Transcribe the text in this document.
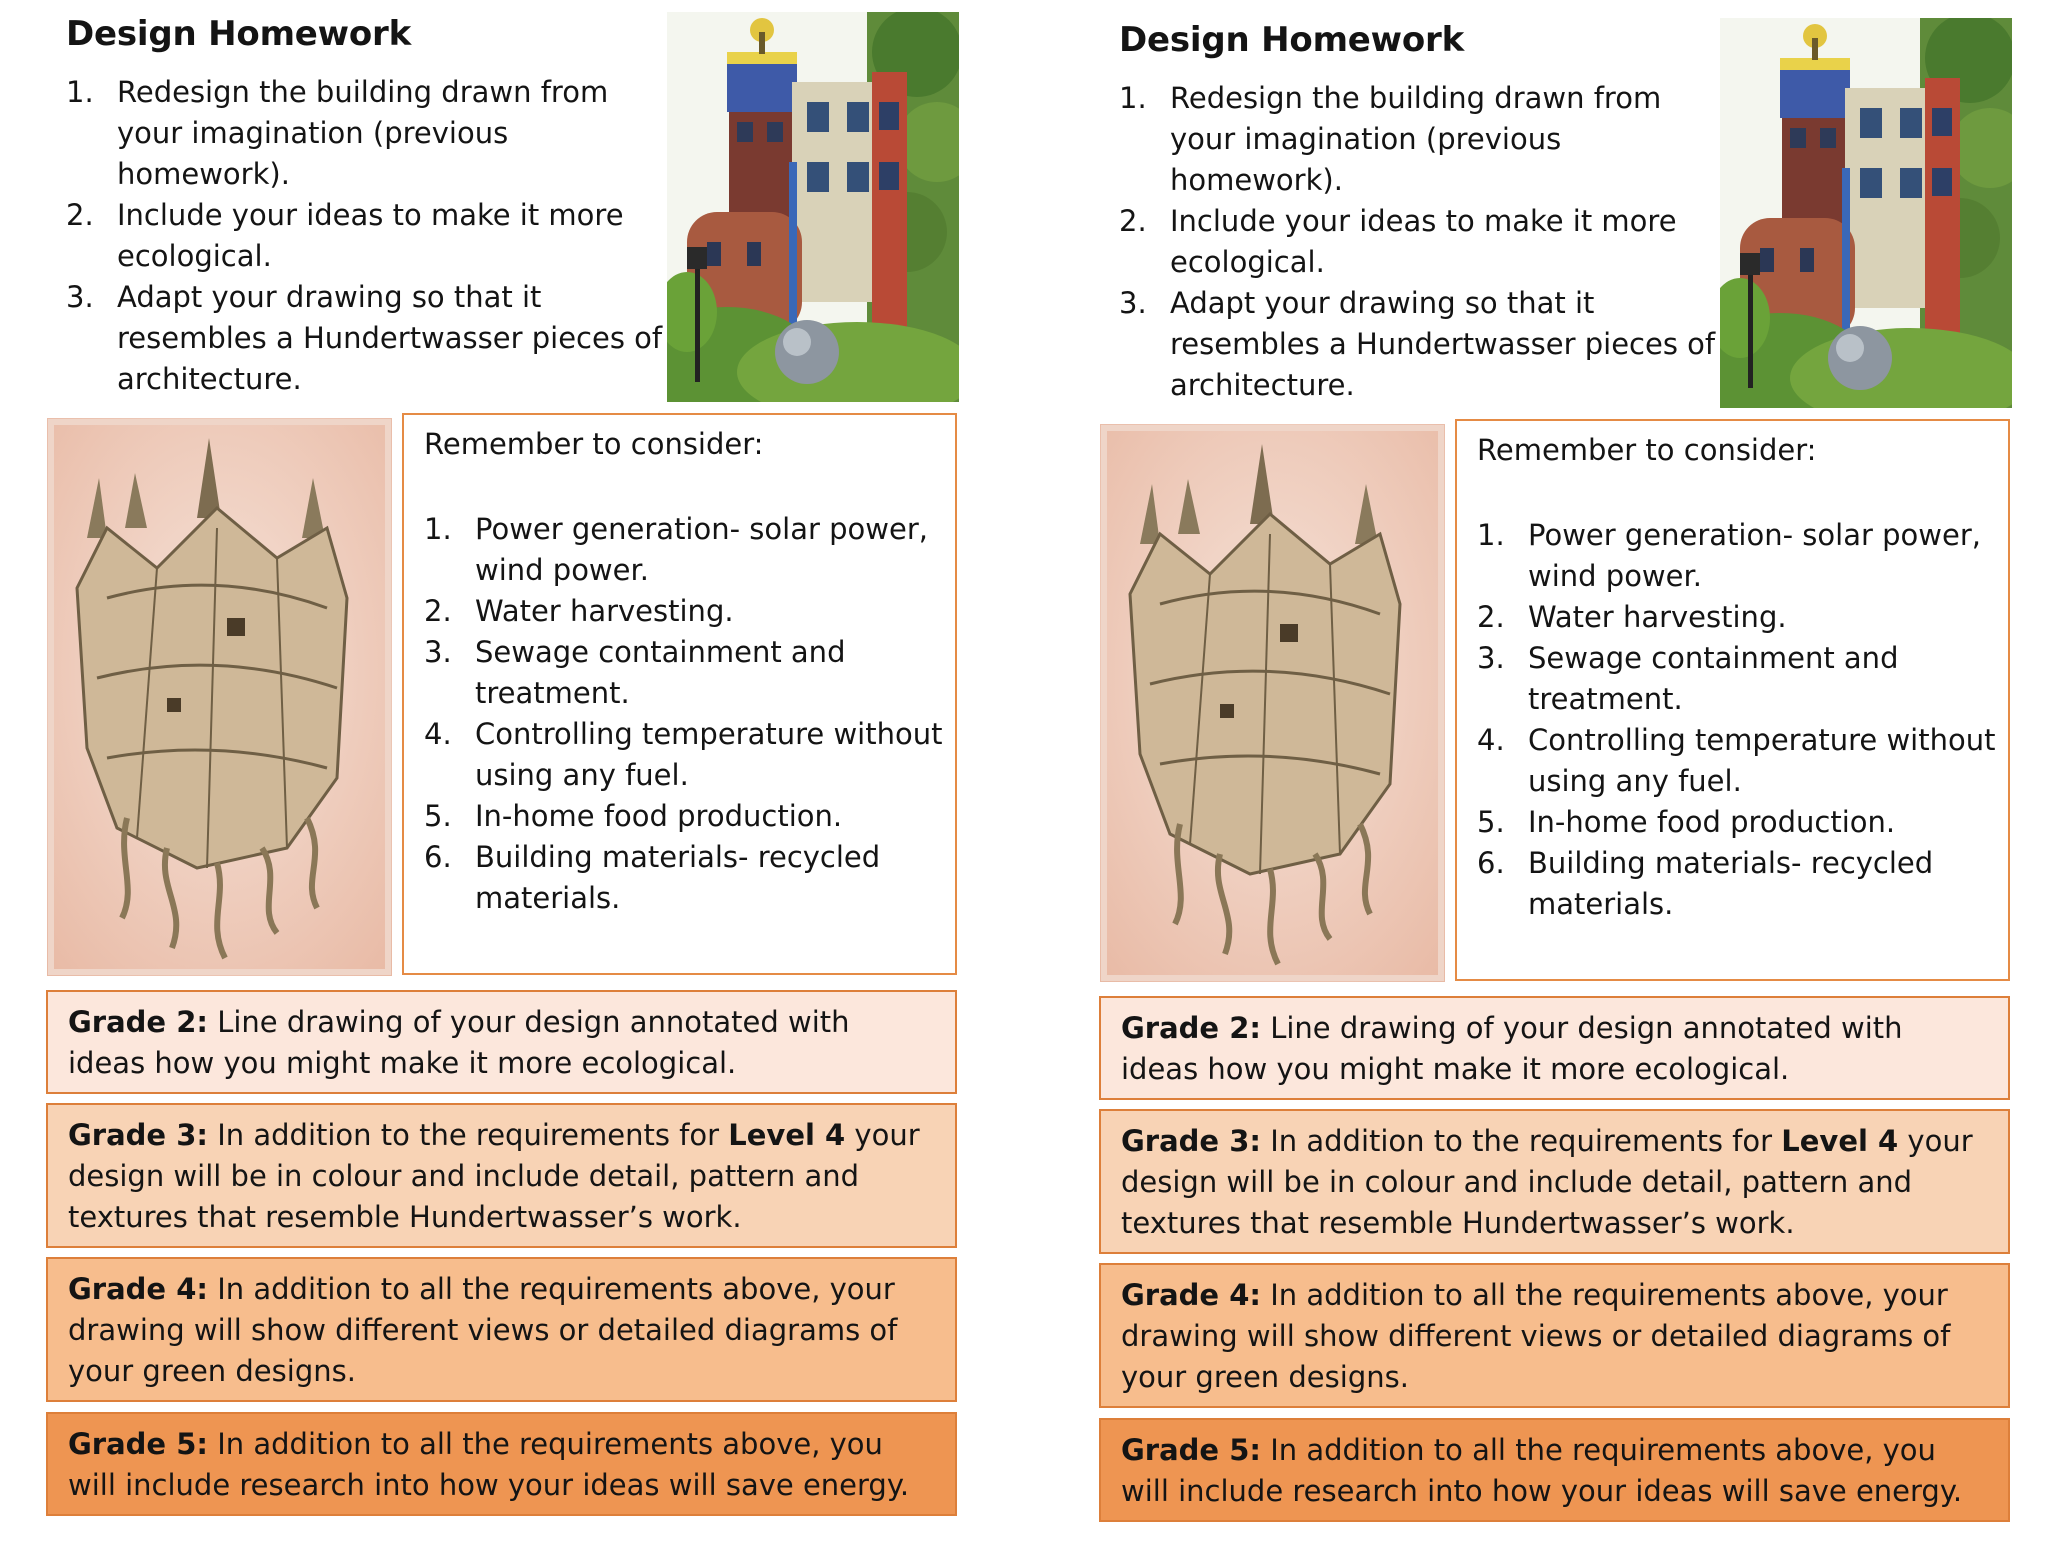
Design Homework
1. Redesign the building drawn from your imagination (previous homework).
2. Include your ideas to make it more ecological.
3. Adapt your drawing so that it resembles a Hundertwasser pieces of architecture.
Remember to consider:
1. Power generation- solar power, wind power.
2. Water harvesting.
3. Sewage containment and treatment.
4. Controlling temperature without using any fuel.
5. In-home food production.
6. Building materials- recycled materials.
Grade 2: Line drawing of your design annotated with ideas how you might make it more ecological.
Grade 3: In addition to the requirements for Level 4 your design will be in colour and include detail, pattern and textures that resemble Hundertwasser’s work.
Grade 4: In addition to all the requirements above, your drawing will show different views or detailed diagrams of your green designs.
Grade 5: In addition to all the requirements above, you will include research into how your ideas will save energy.
Design Homework
1. Redesign the building drawn from your imagination (previous homework).
2. Include your ideas to make it more ecological.
3. Adapt your drawing so that it resembles a Hundertwasser pieces of architecture.
Remember to consider:
1. Power generation- solar power, wind power.
2. Water harvesting.
3. Sewage containment and treatment.
4. Controlling temperature without using any fuel.
5. In-home food production.
6. Building materials- recycled materials.
Grade 2: Line drawing of your design annotated with ideas how you might make it more ecological.
Grade 3: In addition to the requirements for Level 4 your design will be in colour and include detail, pattern and textures that resemble Hundertwasser’s work.
Grade 4: In addition to all the requirements above, your drawing will show different views or detailed diagrams of your green designs.
Grade 5: In addition to all the requirements above, you will include research into how your ideas will save energy.
